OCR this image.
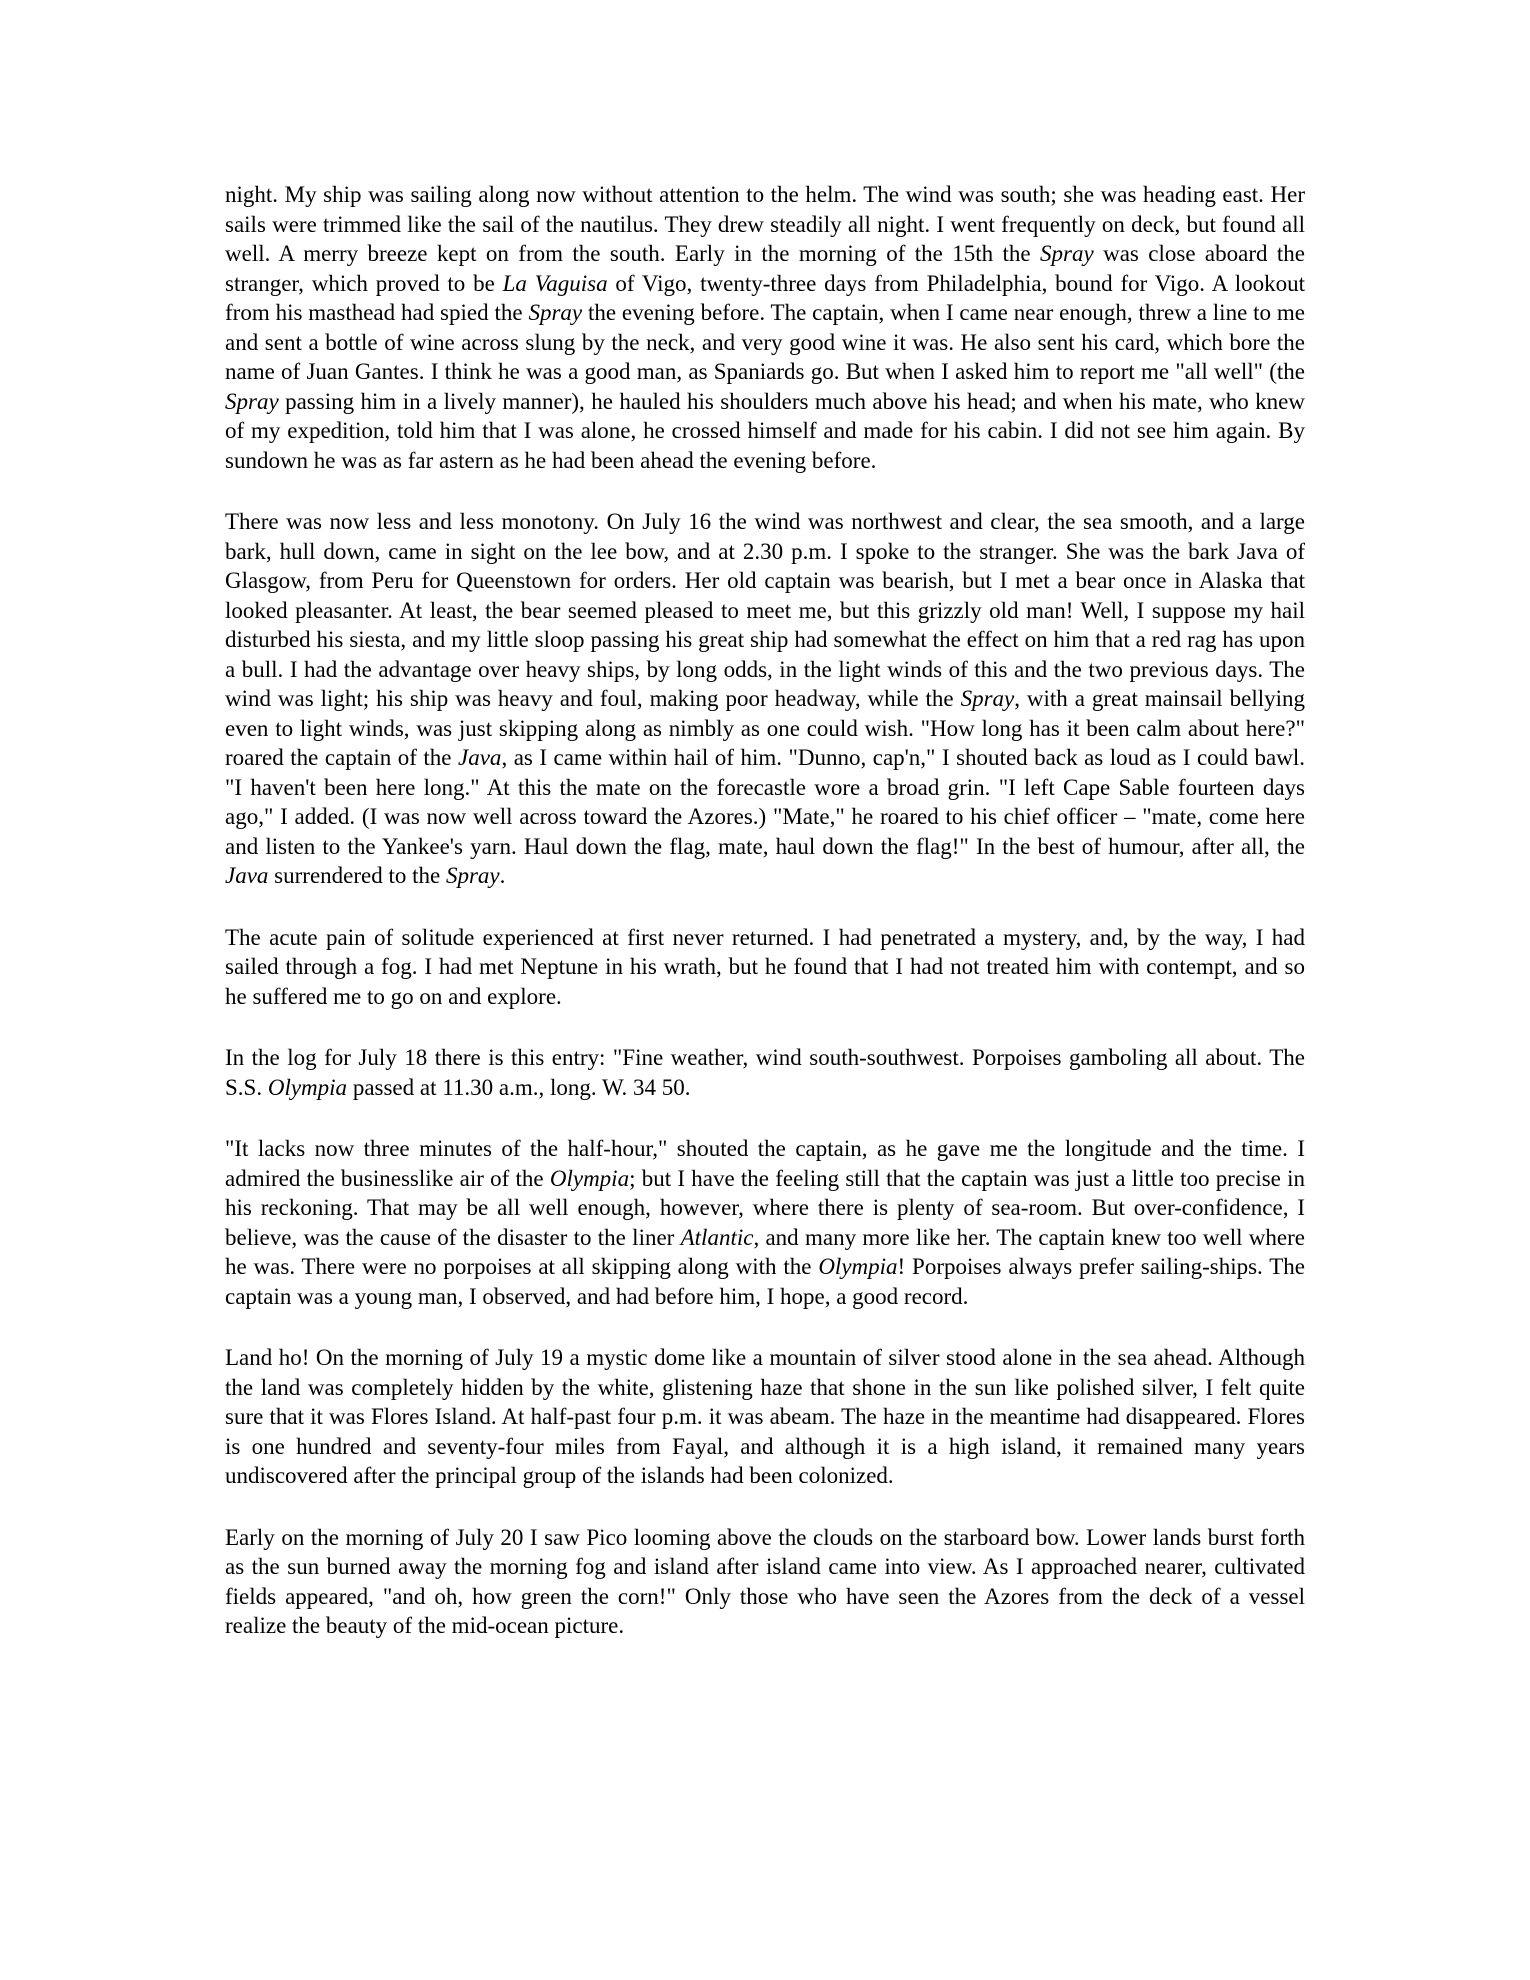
night. My ship was sailing along now without attention to the helm. The wind was south; she was heading east. Her sails were trimmed like the sail of the nautilus. They drew steadily all night. I went frequently on deck, but found all well. A merry breeze kept on from the south. Early in the morning of the 15th the Spray was close aboard the stranger, which proved to be La Vaguisa of Vigo, twenty-three days from Philadelphia, bound for Vigo. A lookout from his masthead had spied the Spray the evening before. The captain, when I came near enough, threw a line to me and sent a bottle of wine across slung by the neck, and very good wine it was. He also sent his card, which bore the name of Juan Gantes. I think he was a good man, as Spaniards go. But when I asked him to report me "all well" (the Spray passing him in a lively manner), he hauled his shoulders much above his head; and when his mate, who knew of my expedition, told him that I was alone, he crossed himself and made for his cabin. I did not see him again. By sundown he was as far astern as he had been ahead the evening before.

There was now less and less monotony. On July 16 the wind was northwest and clear, the sea smooth, and a large bark, hull down, came in sight on the lee bow, and at 2.30 p.m. I spoke to the stranger. She was the bark Java of Glasgow, from Peru for Queenstown for orders. Her old captain was bearish, but I met a bear once in Alaska that looked pleasanter. At least, the bear seemed pleased to meet me, but this grizzly old man! Well, I suppose my hail disturbed his siesta, and my little sloop passing his great ship had somewhat the effect on him that a red rag has upon a bull. I had the advantage over heavy ships, by long odds, in the light winds of this and the two previous days. The wind was light; his ship was heavy and foul, making poor headway, while the Spray, with a great mainsail bellying even to light winds, was just skipping along as nimbly as one could wish. "How long has it been calm about here?" roared the captain of the Java, as I came within hail of him. "Dunno, cap'n," I shouted back as loud as I could bawl. "I haven't been here long." At this the mate on the forecastle wore a broad grin. "I left Cape Sable fourteen days ago," I added. (I was now well across toward the Azores.) "Mate," he roared to his chief officer – "mate, come here and listen to the Yankee's yarn. Haul down the flag, mate, haul down the flag!" In the best of humour, after all, the Java surrendered to the Spray.

The acute pain of solitude experienced at first never returned. I had penetrated a mystery, and, by the way, I had sailed through a fog. I had met Neptune in his wrath, but he found that I had not treated him with contempt, and so he suffered me to go on and explore.

In the log for July 18 there is this entry: "Fine weather, wind south-southwest. Porpoises gamboling all about. The S.S. Olympia passed at 11.30 a.m., long. W. 34 50.

"It lacks now three minutes of the half-hour," shouted the captain, as he gave me the longitude and the time. I admired the businesslike air of the Olympia; but I have the feeling still that the captain was just a little too precise in his reckoning. That may be all well enough, however, where there is plenty of sea-room. But over-confidence, I believe, was the cause of the disaster to the liner Atlantic, and many more like her. The captain knew too well where he was. There were no porpoises at all skipping along with the Olympia! Porpoises always prefer sailing-ships. The captain was a young man, I observed, and had before him, I hope, a good record.

Land ho! On the morning of July 19 a mystic dome like a mountain of silver stood alone in the sea ahead. Although the land was completely hidden by the white, glistening haze that shone in the sun like polished silver, I felt quite sure that it was Flores Island. At half-past four p.m. it was abeam. The haze in the meantime had disappeared. Flores is one hundred and seventy-four miles from Fayal, and although it is a high island, it remained many years undiscovered after the principal group of the islands had been colonized.

Early on the morning of July 20 I saw Pico looming above the clouds on the starboard bow. Lower lands burst forth as the sun burned away the morning fog and island after island came into view. As I approached nearer, cultivated fields appeared, "and oh, how green the corn!" Only those who have seen the Azores from the deck of a vessel realize the beauty of the mid-ocean picture.
